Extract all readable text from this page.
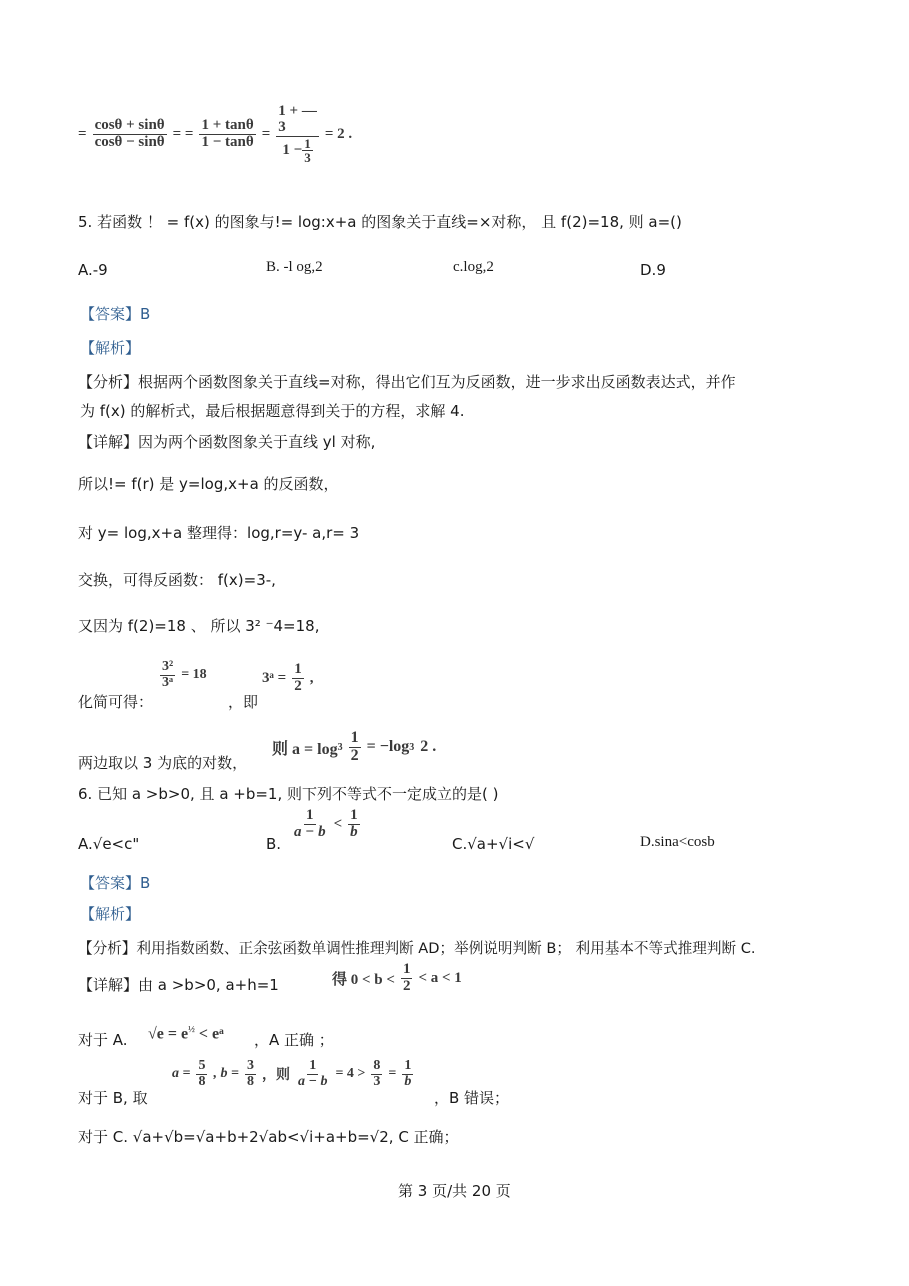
= $\frac{\cos\theta + \sin\theta}{\cos\theta - \sin\theta}$ = = $\frac{1 + \tan\theta}{1 - \tan\theta}$ =
1 + —
3
$1 - \frac{1}{3}$
= 2 .
5. 若函数 ！ = f(x) 的图象与!= log:x+a 的图象关于直线=×对称， 且 f(2)=18, 则 a=()
A.-9	B. -l og,2	c.log,2	D.9
【答案】B
【解析】
【分析】根据两个函数图象关于直线=对称，得出它们互为反函数，进一步求出反函数表达式，并作
为 f(x) 的解析式，最后根据题意得到关于的方程，求解 4.
【详解】因为两个函数图象关于直线 yl 对称,
所以!= f(r) 是 y=log,x+a 的反函数，
对 y= log,x+a 整理得：log,r=y- a,r= 3
交换，可得反函数： f(x)=3-,
又因为 f(2)=18 、 所以 3² ⁻4=18,
化简可得：
$\frac{\text{3²}}{\text{3ᵃ}} = 18$
，即
3ᵃ = $\frac{1}{2}$ ,
两边取以 3 为底的对数，
则 $a = \log 3 \frac{1}{2} = -\log$ 3 2 .
6. 已知 a >b>0, 且 a +b=1, 则下列不等式不一定成立的是( )
A.√e<c"	B.
$\frac{1}{a - b} < \frac{1}{b}$
C.√a+√i<√	D.sina<cosb
【答案】B
【解析】
【分析】利用指数函数、正余弦函数单调性推理判断 AD；举例说明判断 B； 利用基本不等式推理判断 C.
【详解】由 a >b>0, a+h=1	得 $0 < b < \frac{1}{2} < a < 1$
对于 A. $√e = e^{\frac{1}{2}}$ < eᵃ ，A 正确 ；
对于 B, 取
$a = \frac{5}{8}$ , $b = \frac{3}{8}$ ，则 $\frac{1}{a - b} = 4 > \frac{8}{3} = \frac{1}{b}$
，B 错误；
对于 C. √a+√b=√a+b+2√ab<√i+a+b=√2, C 正确；
第 3 页/共 20 页
